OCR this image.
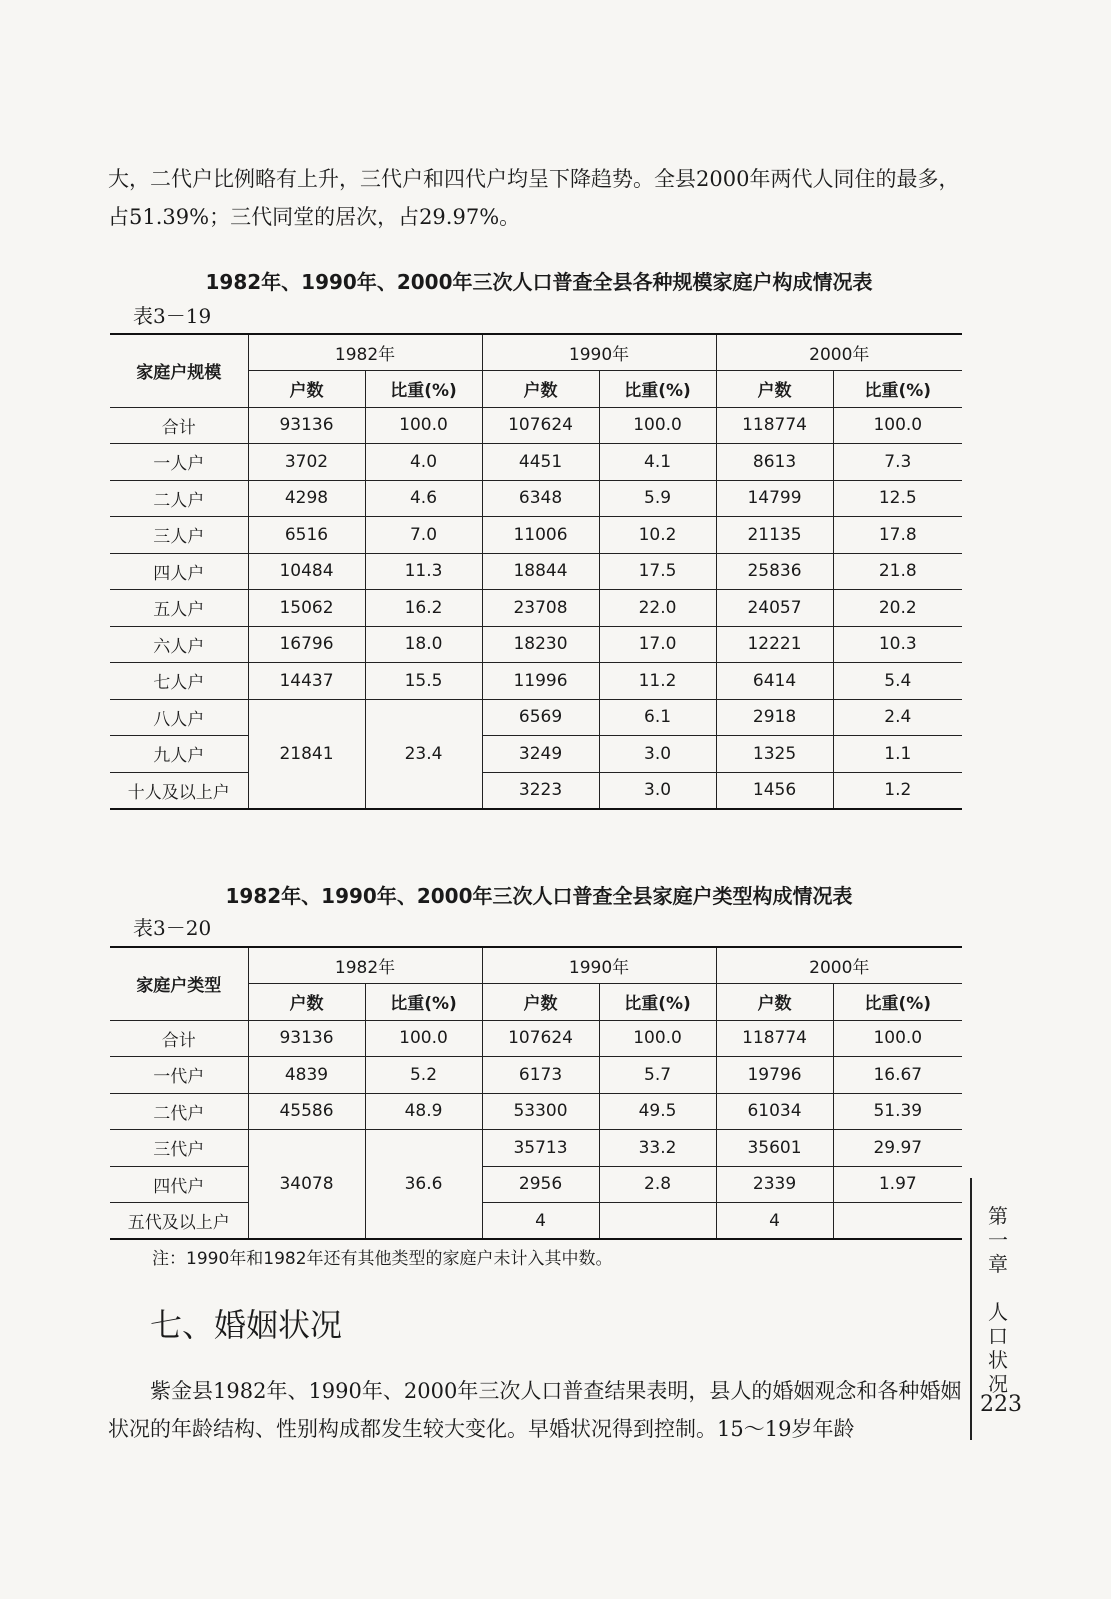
大，二代户比例略有上升，三代户和四代户均呈下降趋势。全县2000年两代人同住的最多，占51.39%；三代同堂的居次，占29.97%。

1982年、1990年、2000年三次人口普查全县各种规模家庭户构成情况表
表3－19
家庭户规模	1982年		1990年		2000年	
	户数	比重(%)	户数	比重(%)	户数	比重(%)
合计	93136	100.0	107624	100.0	118774	100.0
一人户	3702	4.0	4451	4.1	8613	7.3
二人户	4298	4.6	6348	5.9	14799	12.5
三人户	6516	7.0	11006	10.2	21135	17.8
四人户	10484	11.3	18844	17.5	25836	21.8
五人户	15062	16.2	23708	22.0	24057	20.2
六人户	16796	18.0	18230	17.0	12221	10.3
七人户	14437	15.5	11996	11.2	6414	5.4
八人户	21841	23.4	6569	6.1	2918	2.4
九人户			3249	3.0	1325	1.1
十人及以上户			3223	3.0	1456	1.2
1982年、1990年、2000年三次人口普查全县家庭户类型构成情况表
表3－20
家庭户类型	1982年		1990年		2000年	
	户数	比重(%)	户数	比重(%)	户数	比重(%)
合计	93136	100.0	107624	100.0	118774	100.0
一代户	4839	5.2	6173	5.7	19796	16.67
二代户	45586	48.9	53300	49.5	61034	51.39
三代户	34078	36.6	35713	33.2	35601	29.97
四代户			2956	2.8	2339	1.97
五代及以上户			4		4	
注：1990年和1982年还有其他类型的家庭户未计入其中数。
七、婚姻状况

紫金县1982年、1990年、2000年三次人口普查结果表明，县人的婚姻观念和各种婚姻状况的年龄结构、性别构成都发生较大变化。早婚状况得到控制。15～19岁年龄

第
一
章

人
口
状
况
223
